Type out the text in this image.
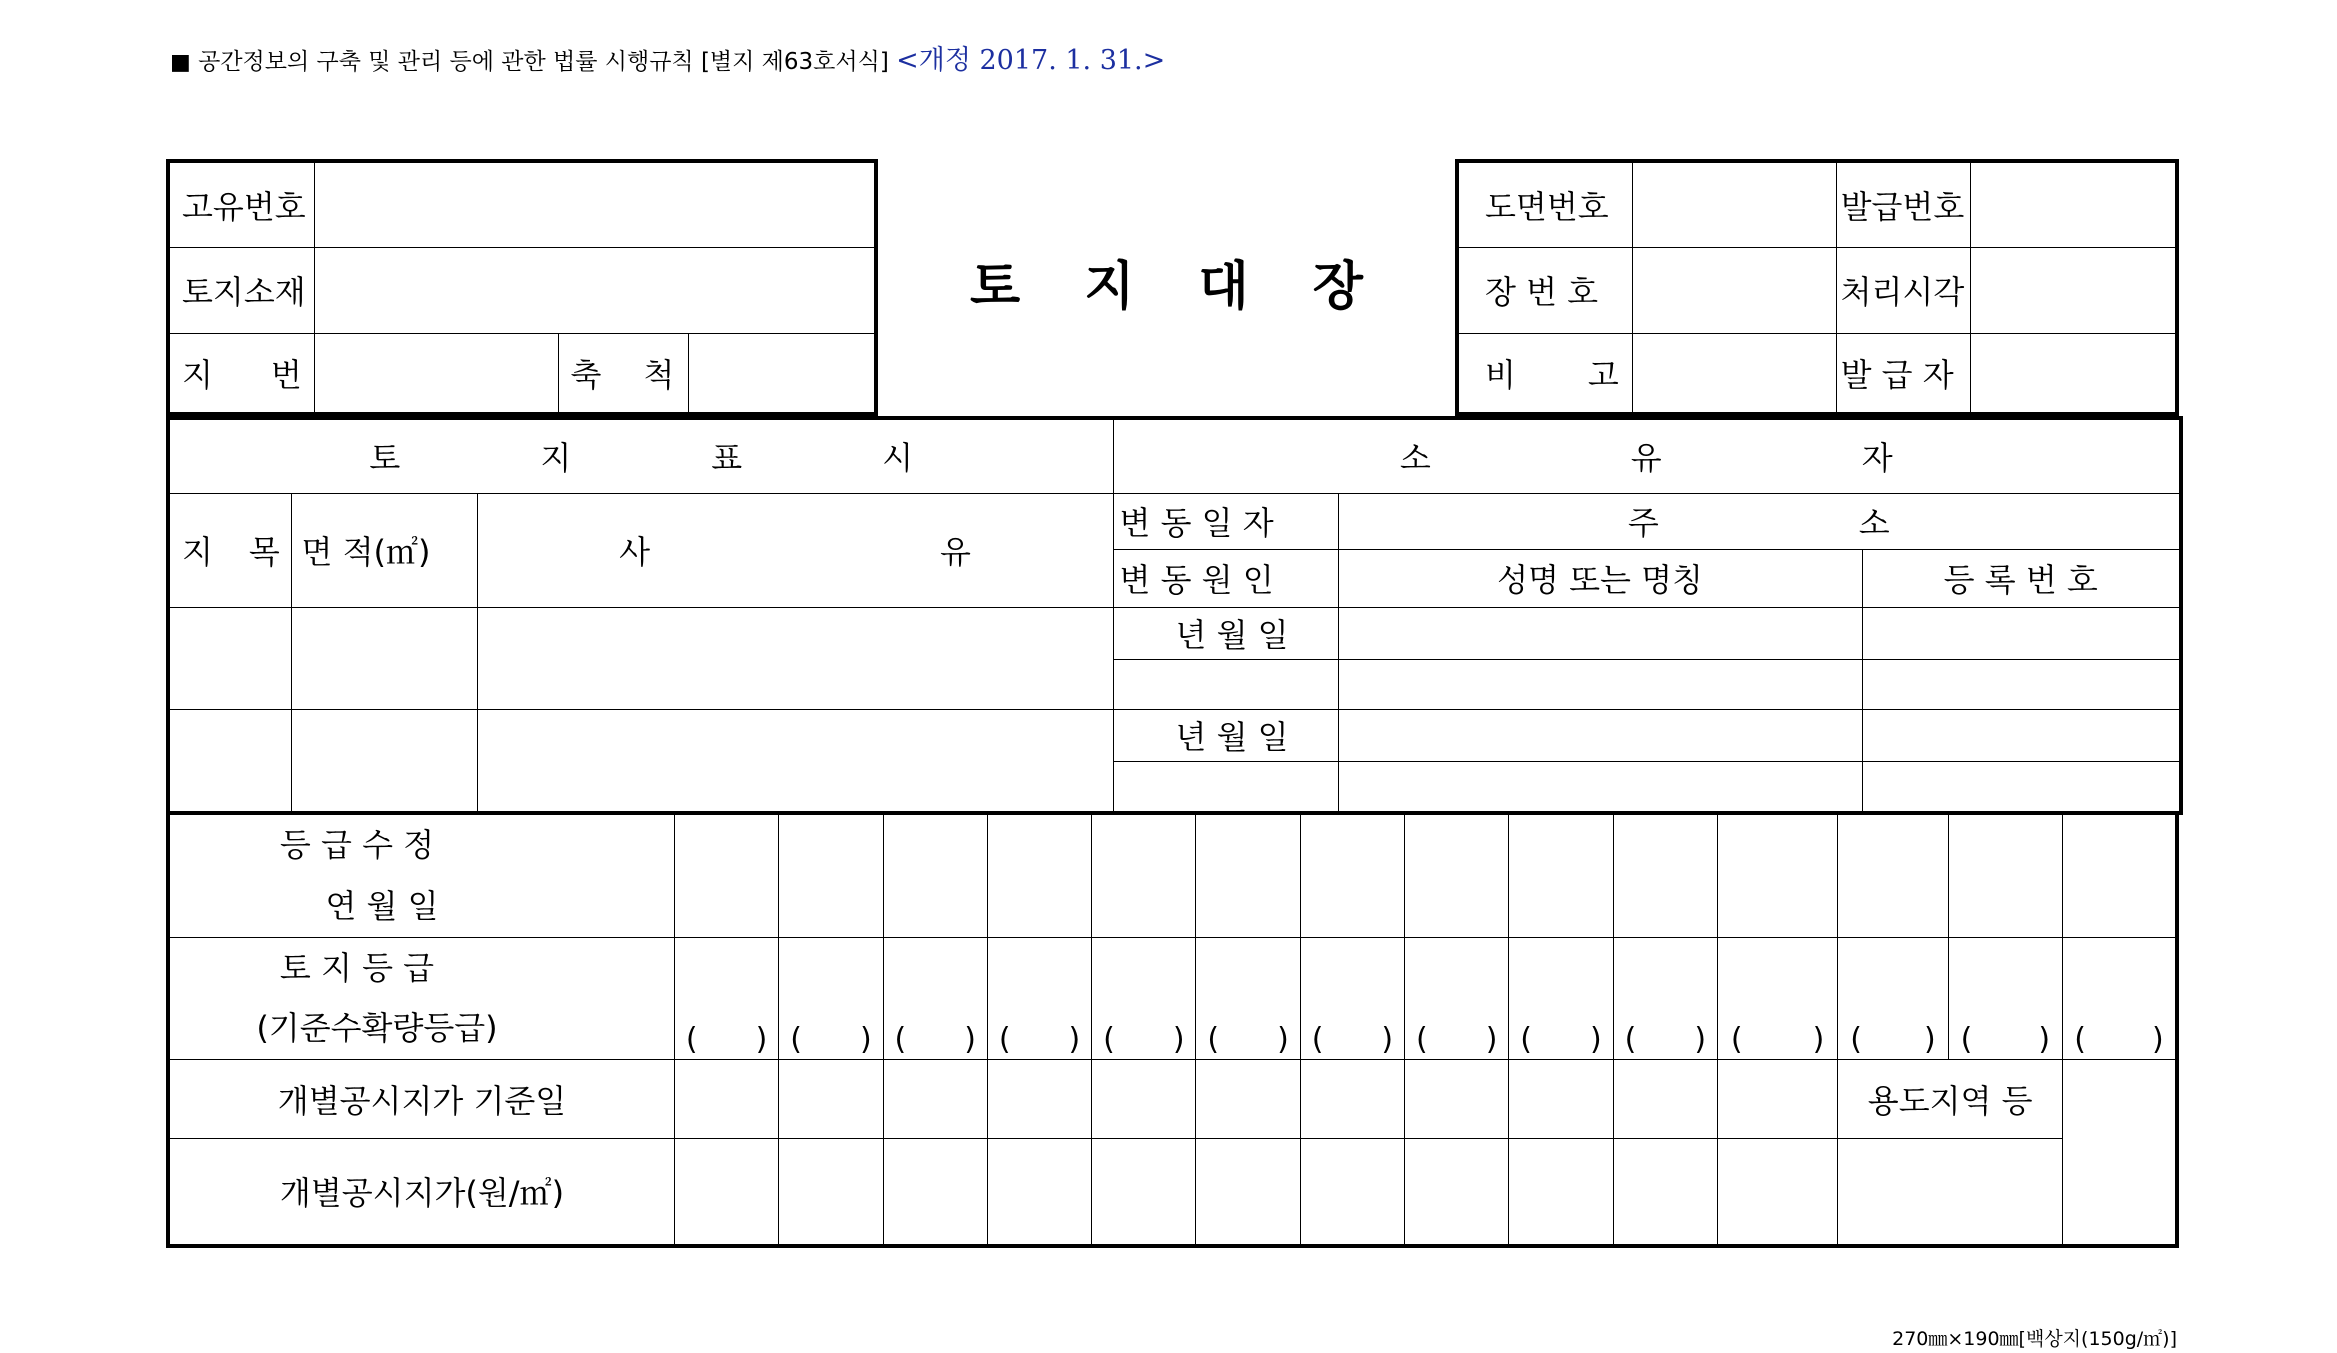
■ 공간정보의 구축 및 관리 등에 관한 법률 시행규칙 [별지 제63호서식] <개정 2017. 1. 31.>
고유번호			
토지소재			
지 번		축 척	
토 지 대 장
도면번호		발급번호	
장 번 호		처리시각	
비 고		발 급 자	
토 지 표 시			소 유 자		
지 목	면 적(㎡)	사 유	변 동 일 자	주 소	
			변 동 원 인	성명 또는 명칭	등 록 번 호
			년 월 일		

			년 월 일		

등 급 수 정
연 월 일														

토 지 등 급
(기준수확량등급)	( )	( )	( )	( )	( )	( )	( )	( )	( )	( )	( )	( )	( )	( )
개별공시지가 기준일												용도지역 등		
개별공시지가(원/㎡)														
270㎜×190㎜[백상지(150g/㎡)]
